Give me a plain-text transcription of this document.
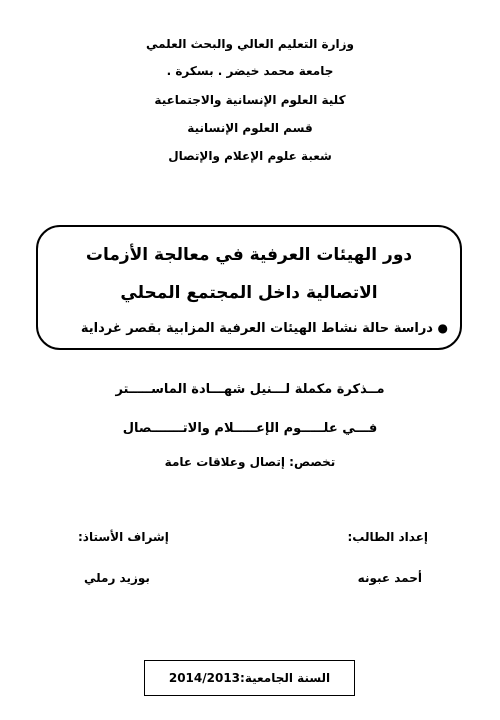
وزارة التعليم العالي والبحث العلمي
جامعة محمد خيضر . بسكرة .
كلية العلوم الإنسانية والاجتماعية
قسم العلوم الإنسانية
شعبة علوم الإعلام والإتصال
دور الهيئات العرفية في معالجة الأزمات
الاتصالية داخل المجتمع المحلي
● دراسة حالة نشاط الهيئات العرفية المزابية بقصر غرداية
مــذكرة مكملة لـــنيل شهـــادة الماســـــتر
فـــي علـــــوم الإعـــــلام والاتـــــــصال
تخصص: إتصال وعلاقات عامة
إعداد الطالب:
إشراف الأستاذ:
أحمد عبونه
بوزيد رملي
السنة الجامعية:2014/2013
